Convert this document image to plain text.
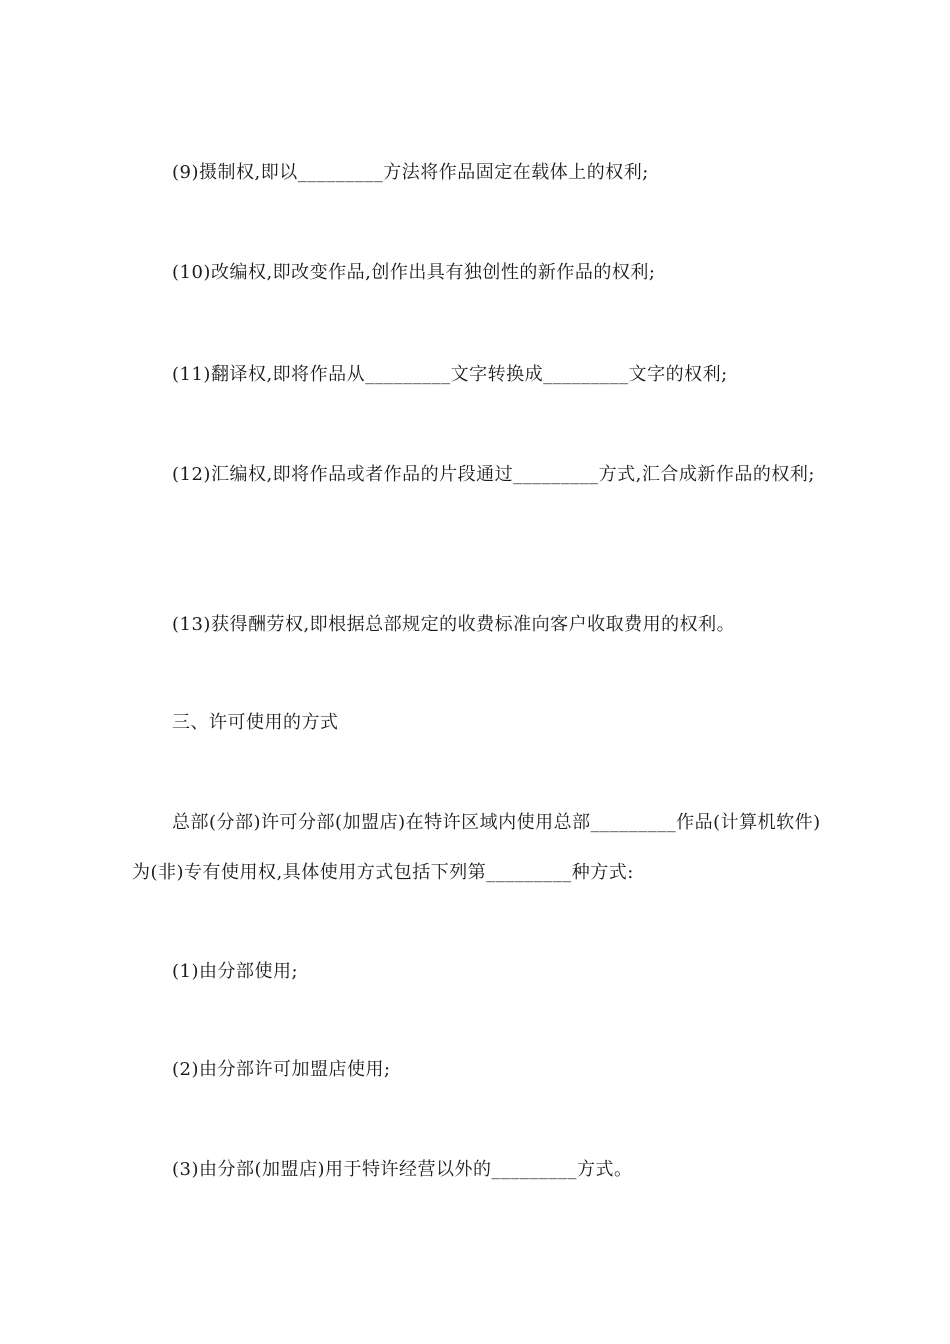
(9)摄制权,即以_________方法将作品固定在载体上的权利;

(10)改编权,即改变作品,创作出具有独创性的新作品的权利;

(11)翻译权,即将作品从_________文字转换成_________文字的权利;

(12)汇编权,即将作品或者作品的片段通过_________方式,汇合成新作品的权利;

(13)获得酬劳权,即根据总部规定的收费标准向客户收取费用的权利。

三、许可使用的方式

总部(分部)许可分部(加盟店)在特许区域内使用总部_________作品(计算机软件)为(非)专有使用权,具体使用方式包括下列第_________种方式:

(1)由分部使用;

(2)由分部许可加盟店使用;

(3)由分部(加盟店)用于特许经营以外的_________方式。
